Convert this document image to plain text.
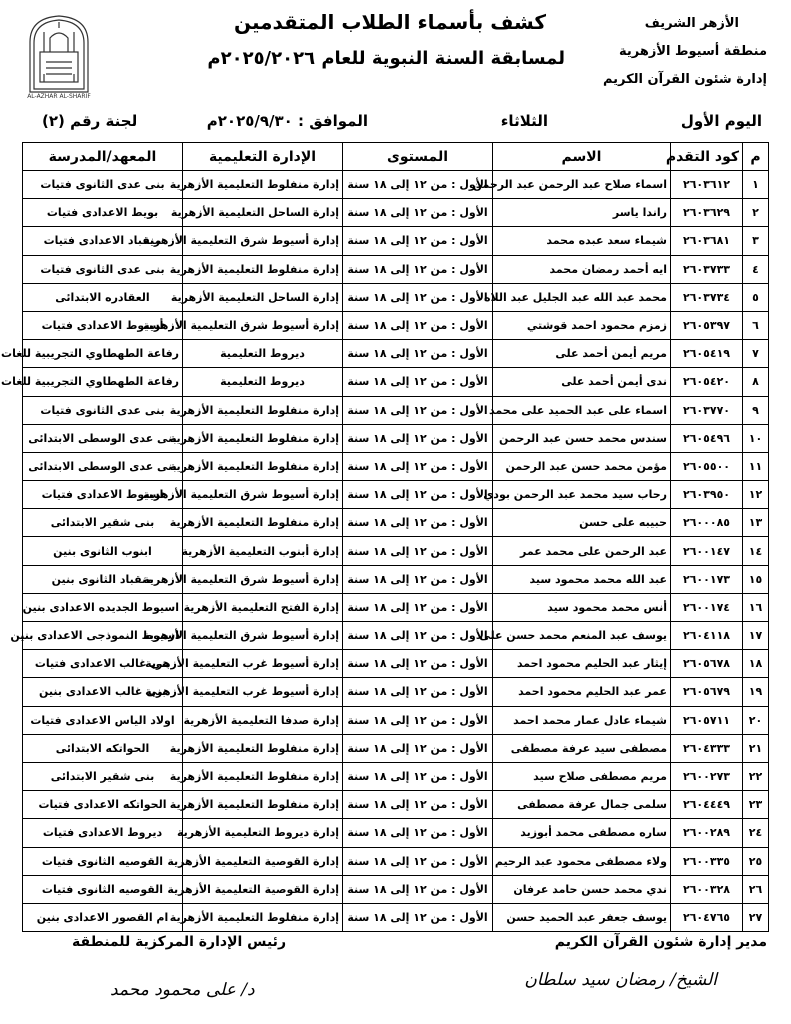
الأزهر الشريف
منطقة أسيوط الأزهرية
إدارة شئون القرآن الكريم
كشف بأسماء الطلاب المتقدمين
لمسابقة السنة النبوية للعام ٢٠٢٥/٢٠٢٦م
AL-AZHAR AL-SHARIF
اليوم الأول
الثلاثاء
الموافق : ٢٠٢٥/٩/٣٠م
لجنة رقم (٢)
م	كود التقدم	الاسم	المستوى	الإدارة التعليمية	المعهد/المدرسة
١	٢٦٠٣٦١٢	اسماء صلاح عبد الرحمن عبد الرحمن	الأول : من ١٢ إلى ١٨ سنة	إدارة منفلوط التعليمية الأزهرية	بنى عدى الثانوى فتيات
٢	٢٦٠٣٦٢٩	راندا ياسر	الأول : من ١٢ إلى ١٨ سنة	إدارة الساحل التعليمية الأزهرية	بويط الاعدادى فتيات
٣	٢٦٠٣٦٨١	شيماء سعد عبده محمد	الأول : من ١٢ إلى ١٨ سنة	إدارة أسيوط شرق التعليمية الأزهرية	منقباد الاعدادى فتيات
٤	٢٦٠٣٧٣٣	ايه أحمد رمضان محمد	الأول : من ١٢ إلى ١٨ سنة	إدارة منفلوط التعليمية الأزهرية	بنى عدى الثانوى فتيات
٥	٢٦٠٣٧٣٤	محمد عبد الله عبد الجليل عبد اللاه	الأول : من ١٢ إلى ١٨ سنة	إدارة الساحل التعليمية الأزهرية	العقادره الابتدائى
٦	٢٦٠٥٣٩٧	زمزم محمود احمد قوشتي	الأول : من ١٢ إلى ١٨ سنة	إدارة أسيوط شرق التعليمية الأزهرية	أسيوط الاعدادى فتيات
٧	٢٦٠٥٤١٩	مريم أيمن أحمد على	الأول : من ١٢ إلى ١٨ سنة	ديروط التعليمية	رفاعة الطهطاوي التجريبية للغات
٨	٢٦٠٥٤٢٠	ندى أيمن أحمد على	الأول : من ١٢ إلى ١٨ سنة	ديروط التعليمية	رفاعة الطهطاوي التجريبية للغات
٩	٢٦٠٣٧٧٠	اسماء على عبد الحميد على محمد	الأول : من ١٢ إلى ١٨ سنة	إدارة منفلوط التعليمية الأزهرية	بنى عدى الثانوى فتيات
١٠	٢٦٠٥٤٩٦	سندس محمد حسن عبد الرحمن	الأول : من ١٢ إلى ١٨ سنة	إدارة منفلوط التعليمية الأزهرية	بنى عدى الوسطى الابتدائى
١١	٢٦٠٥٥٠٠	مؤمن محمد حسن عبد الرحمن	الأول : من ١٢ إلى ١٨ سنة	إدارة منفلوط التعليمية الأزهرية	بنى عدى الوسطى الابتدائى
١٢	٢٦٠٣٩٥٠	رحاب سيد محمد عبد الرحمن بودي	الأول : من ١٢ إلى ١٨ سنة	إدارة أسيوط شرق التعليمية الأزهرية	اسيوط الاعدادى فتيات
١٣	٢٦٠٠٠٨٥	حبيبه على حسن	الأول : من ١٢ إلى ١٨ سنة	إدارة منفلوط التعليمية الأزهرية	بنى شقير الابتدائى
١٤	٢٦٠٠١٤٧	عبد الرحمن على محمد عمر	الأول : من ١٢ إلى ١٨ سنة	إدارة أبنوب التعليمية الأزهرية	ابنوب الثانوى بنين
١٥	٢٦٠٠١٧٣	عبد الله محمد محمود سيد	الأول : من ١٢ إلى ١٨ سنة	إدارة أسيوط شرق التعليمية الأزهرية	منقباد الثانوى بنين
١٦	٢٦٠٠١٧٤	أنس محمد محمود سيد	الأول : من ١٢ إلى ١٨ سنة	إدارة الفتح التعليمية الأزهرية	اسيوط الجديده الاعدادى بنين
١٧	٢٦٠٤١١٨	يوسف عبد المنعم محمد حسن على	الأول : من ١٢ إلى ١٨ سنة	إدارة أسيوط شرق التعليمية الأزهرية	اسيوط النموذجى الاعدادى بنين
١٨	٢٦٠٥٦٧٨	إيثار عبد الحليم محمود احمد	الأول : من ١٢ إلى ١٨ سنة	إدارة أسيوط غرب التعليمية الأزهرية	بنى غالب الاعدادى فتيات
١٩	٢٦٠٥٦٧٩	عمر عبد الحليم محمود احمد	الأول : من ١٢ إلى ١٨ سنة	إدارة أسيوط غرب التعليمية الأزهرية	بنى غالب الاعدادى بنين
٢٠	٢٦٠٥٧١١	شيماء عادل عمار محمد احمد	الأول : من ١٢ إلى ١٨ سنة	إدارة صدفا التعليمية الأزهرية	اولاد الياس الاعدادى فتيات
٢١	٢٦٠٤٣٣٣	مصطفى سيد عرفة مصطفى	الأول : من ١٢ إلى ١٨ سنة	إدارة منفلوط التعليمية الأزهرية	الحواتكه الابتدائى
٢٢	٢٦٠٠٢٧٣	مريم مصطفى صلاح سيد	الأول : من ١٢ إلى ١٨ سنة	إدارة منفلوط التعليمية الأزهرية	بنى شقير الابتدائى
٢٣	٢٦٠٤٤٤٩	سلمى جمال عرفة مصطفى	الأول : من ١٢ إلى ١٨ سنة	إدارة منفلوط التعليمية الأزهرية	الحواتكه الاعدادى فتيات
٢٤	٢٦٠٠٢٨٩	ساره مصطفى محمد أبوزيد	الأول : من ١٢ إلى ١٨ سنة	إدارة ديروط التعليمية الأزهرية	ديروط الاعدادى فتيات
٢٥	٢٦٠٠٣٣٥	ولاء مصطفى محمود عبد الرحيم	الأول : من ١٢ إلى ١٨ سنة	إدارة القوصية التعليمية الأزهرية	القوصيه الثانوى فتيات
٢٦	٢٦٠٠٣٢٨	ندي محمد حسن حامد عرفان	الأول : من ١٢ إلى ١٨ سنة	إدارة القوصية التعليمية الأزهرية	القوصيه الثانوى فتيات
٢٧	٢٦٠٤٧٦٥	يوسف جعفر عبد الحميد حسن	الأول : من ١٢ إلى ١٨ سنة	إدارة منفلوط التعليمية الأزهرية	ام القصور الاعدادى بنين
مدير إدارة شئون القرآن الكريم
رئيس الإدارة المركزية للمنطقة
الشيخ/ رمضان سيد سلطان
د/ على محمود محمد
